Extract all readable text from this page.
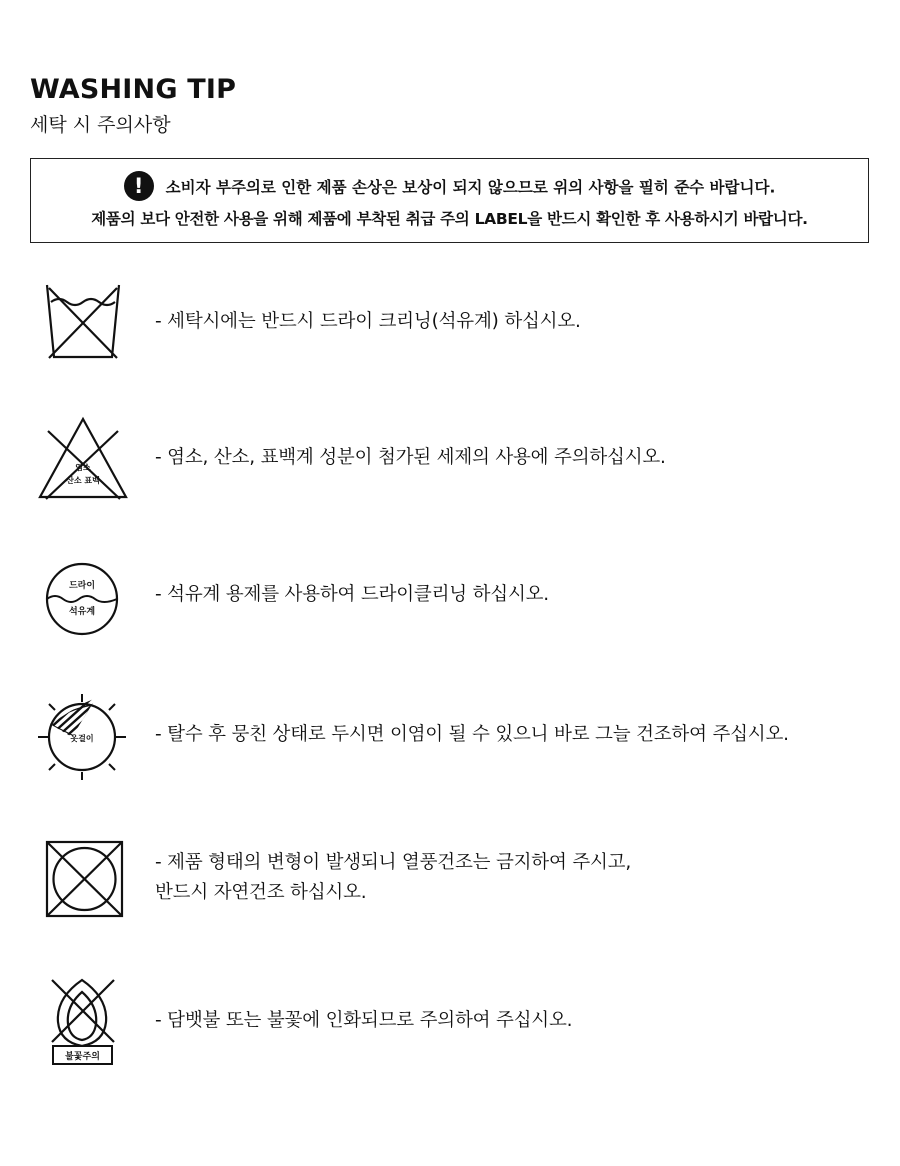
WASHING TIP
세탁 시 주의사항
! 소비자 부주의로 인한 제품 손상은 보상이 되지 않으므로 위의 사항을 필히 준수 바랍니다.
제품의 보다 안전한 사용을 위해 제품에 부착된 취급 주의 LABEL을 반드시 확인한 후 사용하시기 바랍니다.
- 세탁시에는 반드시 드라이 크리닝(석유계) 하십시오.
염소
산소 표백
- 염소, 산소, 표백계 성분이 첨가된 세제의 사용에 주의하십시오.
드라이
석유계
- 석유계 용제를 사용하여 드라이클리닝 하십시오.
옷걸이	- 탈수 후 뭉친 상태로 두시면 이염이 될 수 있으니 바로 그늘 건조하여 주십시오.
- 제품 형태의 변형이 발생되니 열풍건조는 금지하여 주시고,
반드시 자연건조 하십시오.
불꽃주의
- 담뱃불 또는 불꽃에 인화되므로 주의하여 주십시오.
